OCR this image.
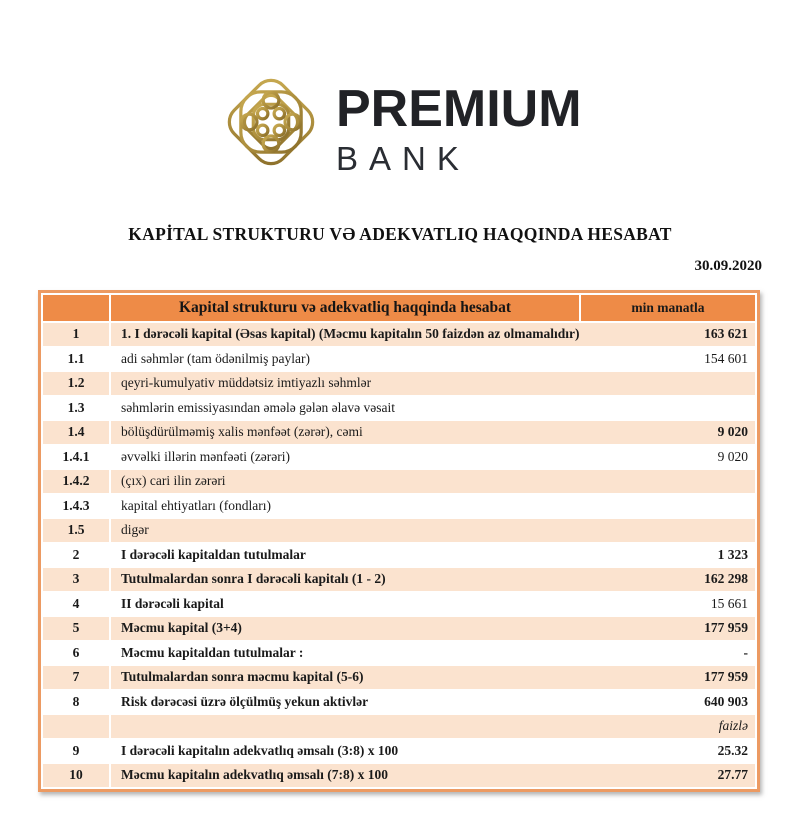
PREMIUM
BANK
KAPİTAL STRUKTURU VƏ ADEKVATLIQ HAQQINDA HESABAT
30.09.2020
	Kapital strukturu və adekvatliq haqqinda hesabat	min manatla
1	1. I dərəcəli kapital (Əsas kapital) (Məcmu kapitalın 50 faizdən az olmamalıdır) 163 621	

1.1	adi səhmlər (tam ödənilmiş paylar) 154 601	

1.2	qeyri-kumulyativ müddətsiz imtiyazlı səhmlər	

1.3	səhmlərin emissiyasından əmələ gələn əlavə vəsait	

1.4	bölüşdürülməmiş xalis mənfəət (zərər), cəmi 9 020	

1.4.1	əvvəlki illərin mənfəəti (zərəri) 9 020	

1.4.2	(çıx) cari ilin zərəri	

1.4.3	kapital ehtiyatları (fondları)	

1.5	digər	

2	I dərəcəli kapitaldan tutulmalar 1 323	

3	Tutulmalardan sonra I dərəcəli kapitalı (1 - 2) 162 298	

4	II dərəcəli kapital 15 661	

5	Məcmu kapital (3+4) 177 959	

6	Məcmu kapitaldan tutulmalar : -	

7	Tutulmalardan sonra məcmu kapital (5-6) 177 959	

8	Risk dərəcəsi üzrə ölçülmüş yekun aktivlər 640 903	

	faizlə	

9	I dərəcəli kapitalın adekvatlıq əmsalı (3:8) x 100 25.32	

10	Məcmu kapitalın adekvatlıq əmsalı (7:8) x 100 27.77	
